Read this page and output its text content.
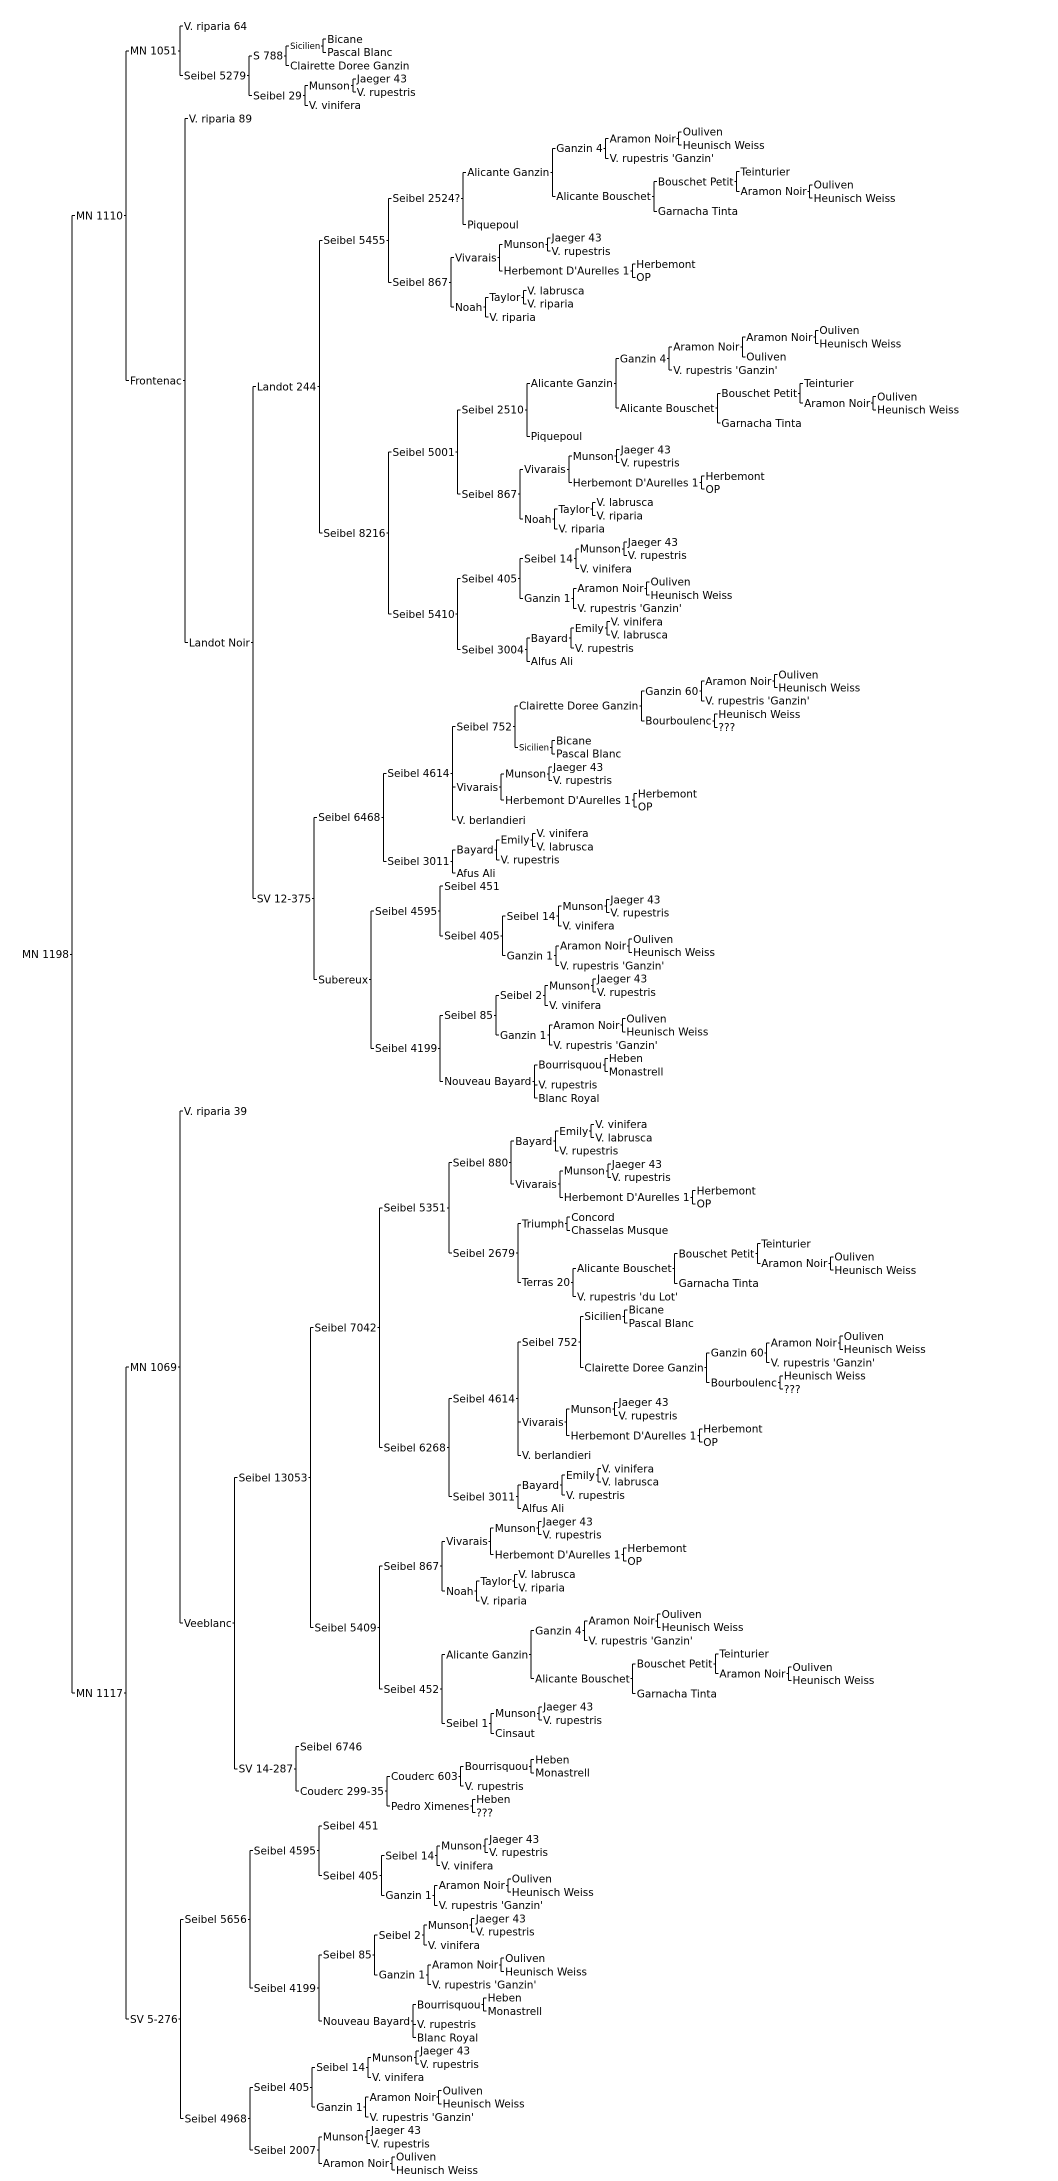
MN 1198
MN 1110
MN 1051
V. riparia 64
Seibel 5279
S 788
Sicilien
Bicane
Pascal Blanc
Clairette Doree Ganzin
Seibel 29
Munson
Jaeger 43
V. rupestris
V. vinifera
Frontenac
V. riparia 89
Landot Noir
Landot 244
Seibel 5455
Seibel 2524?
Alicante Ganzin
Ganzin 4
Aramon Noir
Ouliven
Heunisch Weiss
V. rupestris 'Ganzin'
Alicante Bouschet
Bouschet Petit
Teinturier
Aramon Noir
Ouliven
Heunisch Weiss
Garnacha Tinta
Piquepoul
Seibel 867
Vivarais
Munson
Jaeger 43
V. rupestris
Herbemont D'Aurelles 1
Herbemont
OP
Noah
Taylor
V. labrusca
V. riparia
V. riparia
Seibel 8216
Seibel 5001
Seibel 2510
Alicante Ganzin
Ganzin 4
Aramon Noir
Aramon Noir
Ouliven
Heunisch Weiss
Ouliven
V. rupestris 'Ganzin'
Alicante Bouschet
Bouschet Petit
Teinturier
Aramon Noir
Ouliven
Heunisch Weiss
Garnacha Tinta
Piquepoul
Seibel 867
Vivarais
Munson
Jaeger 43
V. rupestris
Herbemont D'Aurelles 1
Herbemont
OP
Noah
Taylor
V. labrusca
V. riparia
V. riparia
Seibel 5410
Seibel 405
Seibel 14
Munson
Jaeger 43
V. rupestris
V. vinifera
Ganzin 1
Aramon Noir
Ouliven
Heunisch Weiss
V. rupestris 'Ganzin'
Seibel 3004
Bayard
Emily
V. vinifera
V. labrusca
V. rupestris
Alfus Ali
SV 12-375
Seibel 6468
Seibel 4614
Seibel 752
Clairette Doree Ganzin
Ganzin 60
Aramon Noir
Ouliven
Heunisch Weiss
V. rupestris 'Ganzin'
Bourboulenc
Heunisch Weiss
???
Sicilien
Bicane
Pascal Blanc
Vivarais
Munson
Jaeger 43
V. rupestris
Herbemont D'Aurelles 1
Herbemont
OP
V. berlandieri
Seibel 3011
Bayard
Emily
V. vinifera
V. labrusca
V. rupestris
Afus Ali
Subereux
Seibel 4595
Seibel 451
Seibel 405
Seibel 14
Munson
Jaeger 43
V. rupestris
V. vinifera
Ganzin 1
Aramon Noir
Ouliven
Heunisch Weiss
V. rupestris 'Ganzin'
Seibel 4199
Seibel 85
Seibel 2
Munson
Jaeger 43
V. rupestris
V. vinifera
Ganzin 1
Aramon Noir
Ouliven
Heunisch Weiss
V. rupestris 'Ganzin'
Nouveau Bayard
Bourrisquou
Heben
Monastrell
V. rupestris
Blanc Royal
MN 1117
MN 1069
V. riparia 39
Veeblanc
Seibel 13053
Seibel 7042
Seibel 5351
Seibel 880
Bayard
Emily
V. vinifera
V. labrusca
V. rupestris
Vivarais
Munson
Jaeger 43
V. rupestris
Herbemont D'Aurelles 1
Herbemont
OP
Seibel 2679
Triumph
Concord
Chasselas Musque
Terras 20
Alicante Bouschet
Bouschet Petit
Teinturier
Aramon Noir
Ouliven
Heunisch Weiss
Garnacha Tinta
V. rupestris 'du Lot'
Seibel 6268
Seibel 4614
Seibel 752
Sicilien
Bicane
Pascal Blanc
Clairette Doree Ganzin
Ganzin 60
Aramon Noir
Ouliven
Heunisch Weiss
V. rupestris 'Ganzin'
Bourboulenc
Heunisch Weiss
???
Vivarais
Munson
Jaeger 43
V. rupestris
Herbemont D'Aurelles 1
Herbemont
OP
V. berlandieri
Seibel 3011
Bayard
Emily
V. vinifera
V. labrusca
V. rupestris
Alfus Ali
Seibel 5409
Seibel 867
Vivarais
Munson
Jaeger 43
V. rupestris
Herbemont D'Aurelles 1
Herbemont
OP
Noah
Taylor
V. labrusca
V. riparia
V. riparia
Seibel 452
Alicante Ganzin
Ganzin 4
Aramon Noir
Ouliven
Heunisch Weiss
V. rupestris 'Ganzin'
Alicante Bouschet
Bouschet Petit
Teinturier
Aramon Noir
Ouliven
Heunisch Weiss
Garnacha Tinta
Seibel 1
Munson
Jaeger 43
V. rupestris
Cinsaut
SV 14-287
Seibel 6746
Couderc 299-35
Couderc 603
Bourrisquou
Heben
Monastrell
V. rupestris
Pedro Ximenes
Heben
???
SV 5-276
Seibel 5656
Seibel 4595
Seibel 451
Seibel 405
Seibel 14
Munson
Jaeger 43
V. rupestris
V. vinifera
Ganzin 1
Aramon Noir
Ouliven
Heunisch Weiss
V. rupestris 'Ganzin'
Seibel 4199
Seibel 85
Seibel 2
Munson
Jaeger 43
V. rupestris
V. vinifera
Ganzin 1
Aramon Noir
Ouliven
Heunisch Weiss
V. rupestris 'Ganzin'
Nouveau Bayard
Bourrisquou
Heben
Monastrell
V. rupestris
Blanc Royal
Seibel 4968
Seibel 405
Seibel 14
Munson
Jaeger 43
V. rupestris
V. vinifera
Ganzin 1
Aramon Noir
Ouliven
Heunisch Weiss
V. rupestris 'Ganzin'
Seibel 2007
Munson
Jaeger 43
V. rupestris
Aramon Noir
Ouliven
Heunisch Weiss
